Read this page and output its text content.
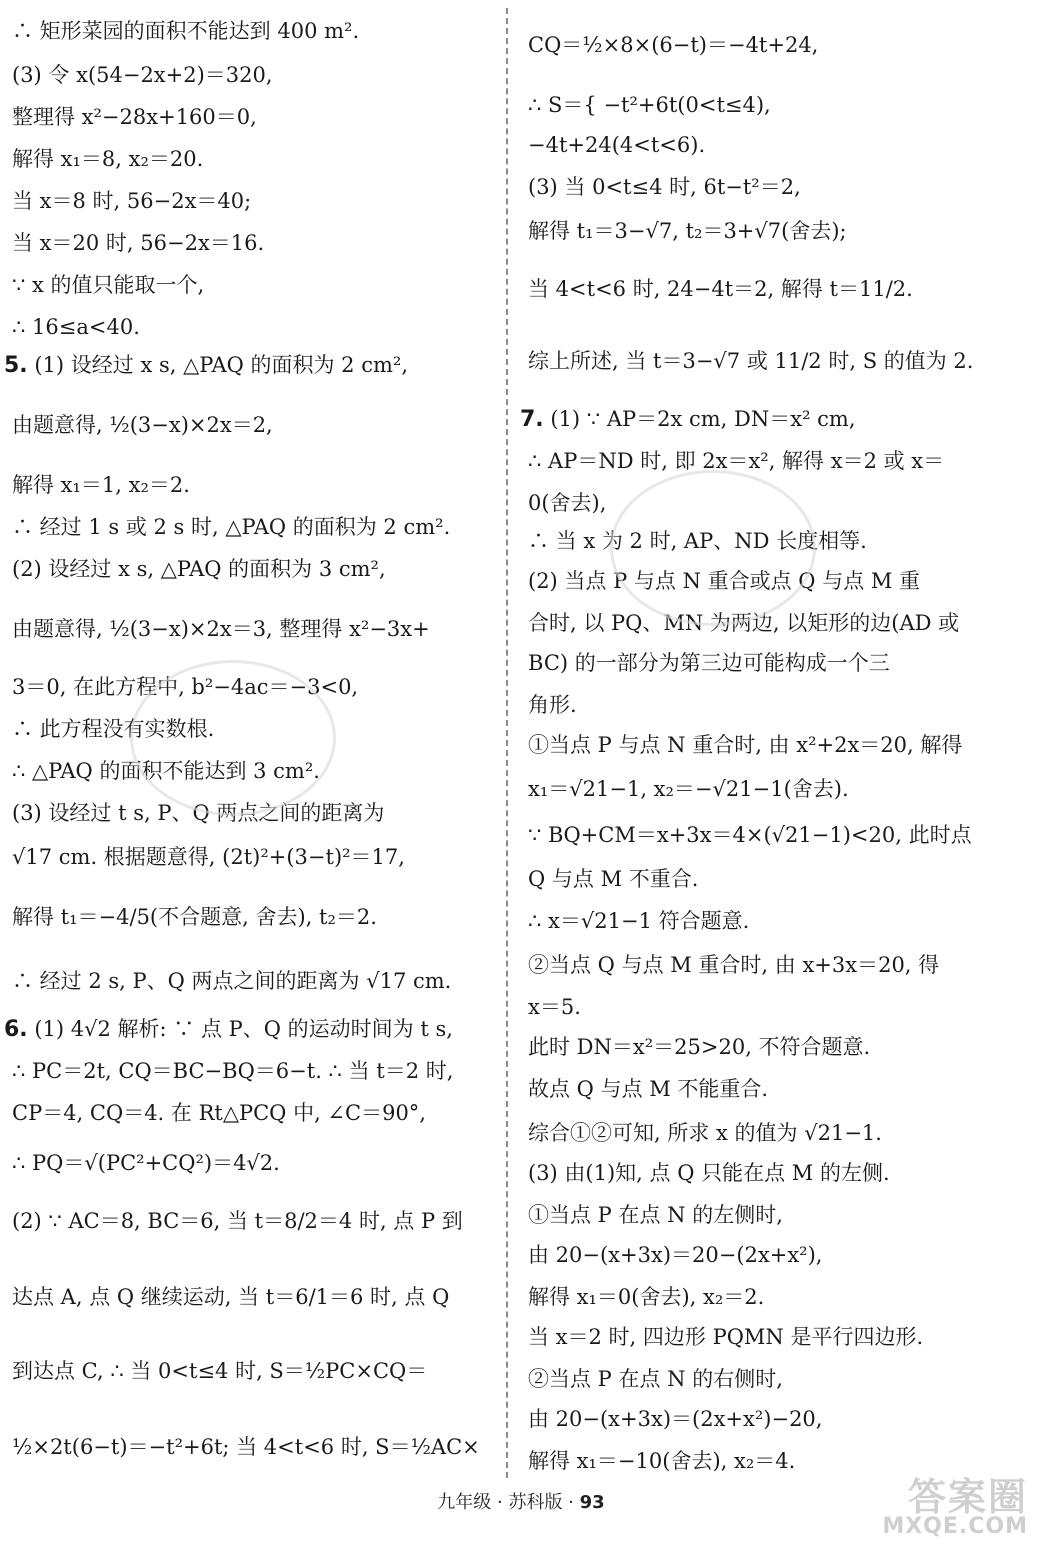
∴ 矩形菜园的面积不能达到 400 m².
(3) 令 x(54−2x+2)＝320,
整理得 x²−28x+160＝0,
解得 x₁＝8, x₂＝20.
当 x＝8 时, 56−2x＝40;
当 x＝20 时, 56−2x＝16.
∵ x 的值只能取一个,
∴ 16≤a<40.
5. (1) 设经过 x s, △PAQ 的面积为 2 cm²,
由题意得, ½(3−x)×2x＝2,
解得 x₁＝1, x₂＝2.
∴ 经过 1 s 或 2 s 时, △PAQ 的面积为 2 cm².
(2) 设经过 x s, △PAQ 的面积为 3 cm²,
由题意得, ½(3−x)×2x＝3, 整理得 x²−3x+
3＝0, 在此方程中, b²−4ac＝−3<0,
∴ 此方程没有实数根.
∴ △PAQ 的面积不能达到 3 cm².
(3) 设经过 t s, P、Q 两点之间的距离为
√17 cm. 根据题意得, (2t)²+(3−t)²＝17,
解得 t₁＝−4/5(不合题意, 舍去), t₂＝2.
∴ 经过 2 s, P、Q 两点之间的距离为 √17 cm.
6. (1) 4√2 解析: ∵ 点 P、Q 的运动时间为 t s,
∴ PC＝2t, CQ＝BC−BQ＝6−t. ∴ 当 t＝2 时,
CP＝4, CQ＝4. 在 Rt△PCQ 中, ∠C＝90°,
∴ PQ＝√(PC²+CQ²)＝4√2.
(2) ∵ AC＝8, BC＝6, 当 t＝8/2＝4 时, 点 P 到
达点 A, 点 Q 继续运动, 当 t＝6/1＝6 时, 点 Q
到达点 C, ∴ 当 0<t≤4 时, S＝½PC×CQ＝
½×2t(6−t)＝−t²+6t; 当 4<t<6 时, S＝½AC×
CQ＝½×8×(6−t)＝−4t+24,
∴ S＝{ −t²+6t(0<t≤4),
−4t+24(4<t<6).
(3) 当 0<t≤4 时, 6t−t²＝2,
解得 t₁＝3−√7, t₂＝3+√7(舍去);
当 4<t<6 时, 24−4t＝2, 解得 t＝11/2.
综上所述, 当 t＝3−√7 或 11/2 时, S 的值为 2.
7. (1) ∵ AP＝2x cm, DN＝x² cm,
∴ AP＝ND 时, 即 2x＝x², 解得 x＝2 或 x＝
0(舍去),
∴ 当 x 为 2 时, AP、ND 长度相等.
(2) 当点 P 与点 N 重合或点 Q 与点 M 重
合时, 以 PQ、MN 为两边, 以矩形的边(AD 或
BC) 的一部分为第三边可能构成一个三
角形.
①当点 P 与点 N 重合时, 由 x²+2x＝20, 解得
x₁＝√21−1, x₂＝−√21−1(舍去).
∵ BQ+CM＝x+3x＝4×(√21−1)<20, 此时点
Q 与点 M 不重合.
∴ x＝√21−1 符合题意.
②当点 Q 与点 M 重合时, 由 x+3x＝20, 得
x＝5.
此时 DN＝x²＝25>20, 不符合题意.
故点 Q 与点 M 不能重合.
综合①②可知, 所求 x 的值为 √21−1.
(3) 由(1)知, 点 Q 只能在点 M 的左侧.
①当点 P 在点 N 的左侧时,
由 20−(x+3x)＝20−(2x+x²),
解得 x₁＝0(舍去), x₂＝2.
当 x＝2 时, 四边形 PQMN 是平行四边形.
②当点 P 在点 N 的右侧时,
由 20−(x+3x)＝(2x+x²)−20,
解得 x₁＝−10(舍去), x₂＝4.
九年级 · 苏科版 · 93	答案圈
MXQE.COM
